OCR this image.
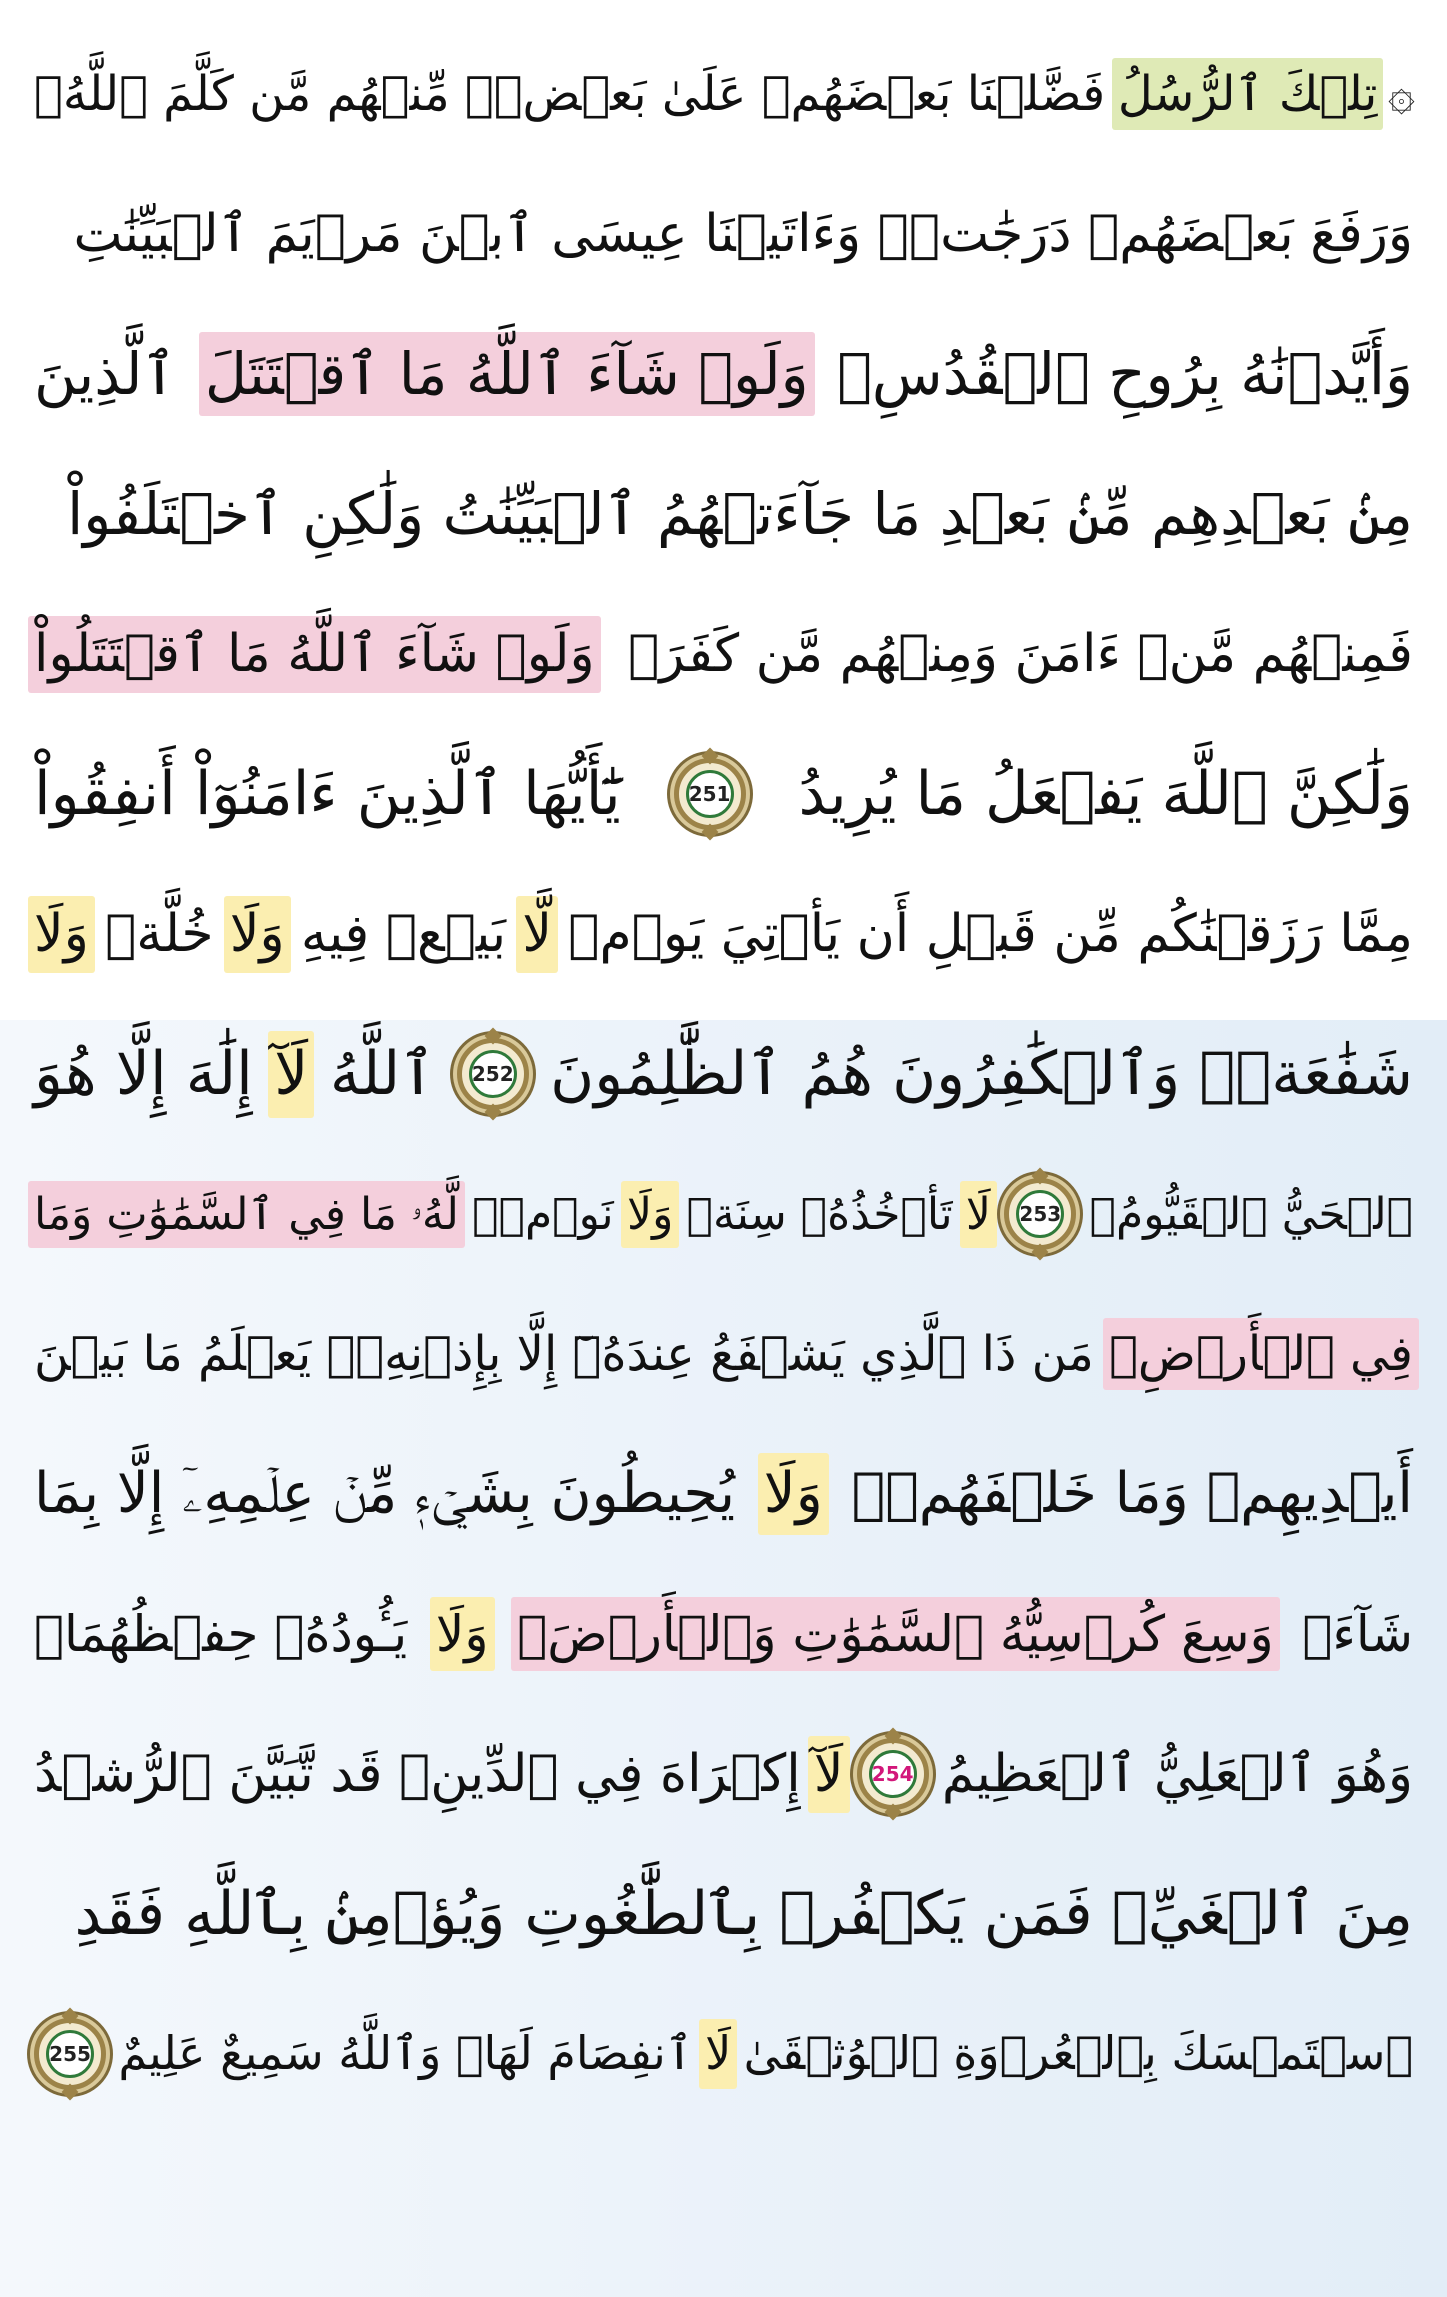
۞
تِلۡكَ ٱلرُّسُلُ
فَضَّلۡنَا بَعۡضَهُمۡ عَلَىٰ بَعۡضٖۘ مِّنۡهُم مَّن كَلَّمَ ٱللَّهُۖ
وَرَفَعَ بَعۡضَهُمۡ دَرَجَٰتٖۚ وَءَاتَيۡنَا عِيسَى ٱبۡنَ مَرۡيَمَ ٱلۡبَيِّنَٰتِ
وَأَيَّدۡنَٰهُ بِرُوحِ ٱلۡقُدُسِۗ
وَلَوۡ شَآءَ ٱللَّهُ مَا ٱقۡتَتَلَ
ٱلَّذِينَ
مِنۢ بَعۡدِهِم مِّنۢ بَعۡدِ مَا جَآءَتۡهُمُ ٱلۡبَيِّنَٰتُ وَلَٰكِنِ ٱخۡتَلَفُواْ
فَمِنۡهُم مَّنۡ ءَامَنَ وَمِنۡهُم مَّن كَفَرَۚ
وَلَوۡ شَآءَ ٱللَّهُ مَا ٱقۡتَتَلُواْ
وَلَٰكِنَّ ٱللَّهَ يَفۡعَلُ مَا يُرِيدُ
251
يَٰٓأَيُّهَا ٱلَّذِينَ ءَامَنُوٓاْ أَنفِقُواْ
مِمَّا رَزَقۡنَٰكُم مِّن قَبۡلِ أَن يَأۡتِيَ يَوۡمٞ
لَّا
بَيۡعٞ فِيهِ
وَلَا
خُلَّةٞ
وَلَا
شَفَٰعَةٞۗ وَٱلۡكَٰفِرُونَ هُمُ ٱلظَّٰلِمُونَ
252
ٱللَّهُ
لَآ
إِلَٰهَ إِلَّا هُوَ
ٱلۡحَيُّ ٱلۡقَيُّومُۚ
253
لَا
تَأۡخُذُهُۥ سِنَةٞ
وَلَا
نَوۡمٞۚ
لَّهُۥ مَا فِي ٱلسَّمَٰوَٰتِ وَمَا
فِي ٱلۡأَرۡضِۗ
مَن ذَا ٱلَّذِي يَشۡفَعُ عِندَهُۥٓ إِلَّا بِإِذۡنِهِۦۚ يَعۡلَمُ مَا بَيۡنَ
أَيۡدِيهِمۡ وَمَا خَلۡفَهُمۡۖ
وَلَا
يُحِيطُونَ بِشَيۡءٖ مِّنۡ عِلۡمِهِۦٓ إِلَّا بِمَا
شَآءَۚ
وَسِعَ كُرۡسِيُّهُ ٱلسَّمَٰوَٰتِ وَٱلۡأَرۡضَۖ
وَلَا
يَـُٔودُهُۥ حِفۡظُهُمَاۚ
وَهُوَ ٱلۡعَلِيُّ ٱلۡعَظِيمُ
254
لَآ
إِكۡرَاهَ فِي ٱلدِّينِۖ قَد تَّبَيَّنَ ٱلرُّشۡدُ
مِنَ ٱلۡغَيِّۚ فَمَن يَكۡفُرۡ بِٱلطَّٰغُوتِ وَيُؤۡمِنۢ بِٱللَّهِ فَقَدِ
ٱسۡتَمۡسَكَ بِٱلۡعُرۡوَةِ ٱلۡوُثۡقَىٰ
لَا
ٱنفِصَامَ لَهَاۗ وَٱللَّهُ سَمِيعٌ عَلِيمٌ
255
